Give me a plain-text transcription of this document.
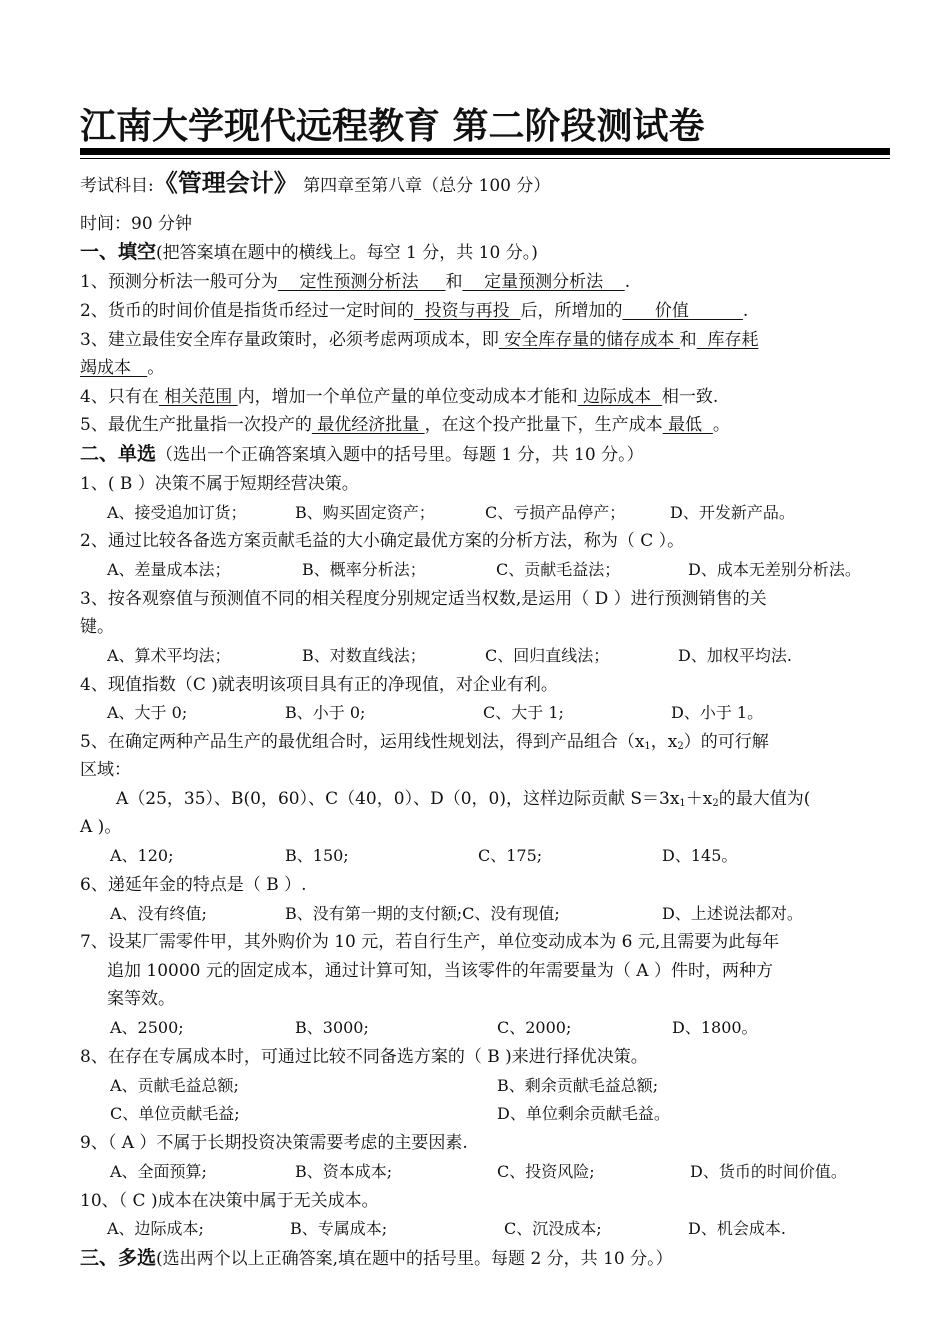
江南大学现代远程教育 第二阶段测试卷
考试科目:《管理会计》 第四章至第八章（总分 100 分）
时间：90 分钟
一、填空(把答案填在题中的横线上。每空 1 分，共 10 分。)
1、预测分析法一般可分为    定性预测分析法     和    定量预测分析法    .
2、货币的时间价值是指货币经过一定时间的  投资与再投  后，所增加的      价值          .
3、建立最佳安全库存量政策时，必须考虑两项成本，即 安全库存量的储存成本 和  库存耗
竭成本   。
4、只有在 相关范围 内，增加一个单位产量的单位变动成本才能和 边际成本  相一致.
5、最优生产批量指一次投产的 最优经济批量 ，在这个投产批量下，生产成本 最低  。
二、单选（选出一个正确答案填入题中的括号里。每题 1 分，共 10 分。）
1、( B ）决策不属于短期经营决策。
A、接受追加订货；	B、购买固定资产；	C、亏损产品停产；	D、开发新产品。
2、通过比较各备选方案贡献毛益的大小确定最优方案的分析方法，称为（ C ）。
A、差量成本法；	B、概率分析法；	C、贡献毛益法；	D、成本无差别分析法。
3、按各观察值与预测值不同的相关程度分别规定适当权数,是运用（ D ）进行预测销售的关
键。
A、算术平均法；	B、对数直线法；	C、回归直线法；	D、加权平均法.
4、现值指数（C )就表明该项目具有正的净现值，对企业有利。
A、大于 0;	B、小于 0;	C、大于 1;	D、小于 1。
5、在确定两种产品生产的最优组合时，运用线性规划法，得到产品组合（$x_1$，$x_2$）的可行解
区域：
A（25，35）、B(0，60）、C（40，0）、D（0，0)，这样边际贡献 $S=3x_1+x_2$的最大值为(
A )。
A、120;	B、150;	C、175;	D、145。
6、递延年金的特点是（ B ）.
A、没有终值;	B、没有第一期的支付额;C、没有现值;	D、上述说法都对。
7、设某厂需零件甲，其外购价为 10 元，若自行生产，单位变动成本为 6 元,且需要为此每年
追加 10000 元的固定成本，通过计算可知，当该零件的年需要量为（ A ）件时，两种方
案等效。
A、2500;	B、3000;	C、2000;	D、1800。
8、在存在专属成本时，可通过比较不同备选方案的（ B )来进行择优决策。
A、贡献毛益总额;	B、剩余贡献毛益总额;
C、单位贡献毛益;	D、单位剩余贡献毛益。
9、（ A ）不属于长期投资决策需要考虑的主要因素.
A、全面预算;	B、资本成本;	C、投资风险;	D、货币的时间价值。
10、（ C )成本在决策中属于无关成本。
A、边际成本;	B、专属成本;	C、沉没成本;	D、机会成本.
三、多选(选出两个以上正确答案,填在题中的括号里。每题 2 分，共 10 分。）
